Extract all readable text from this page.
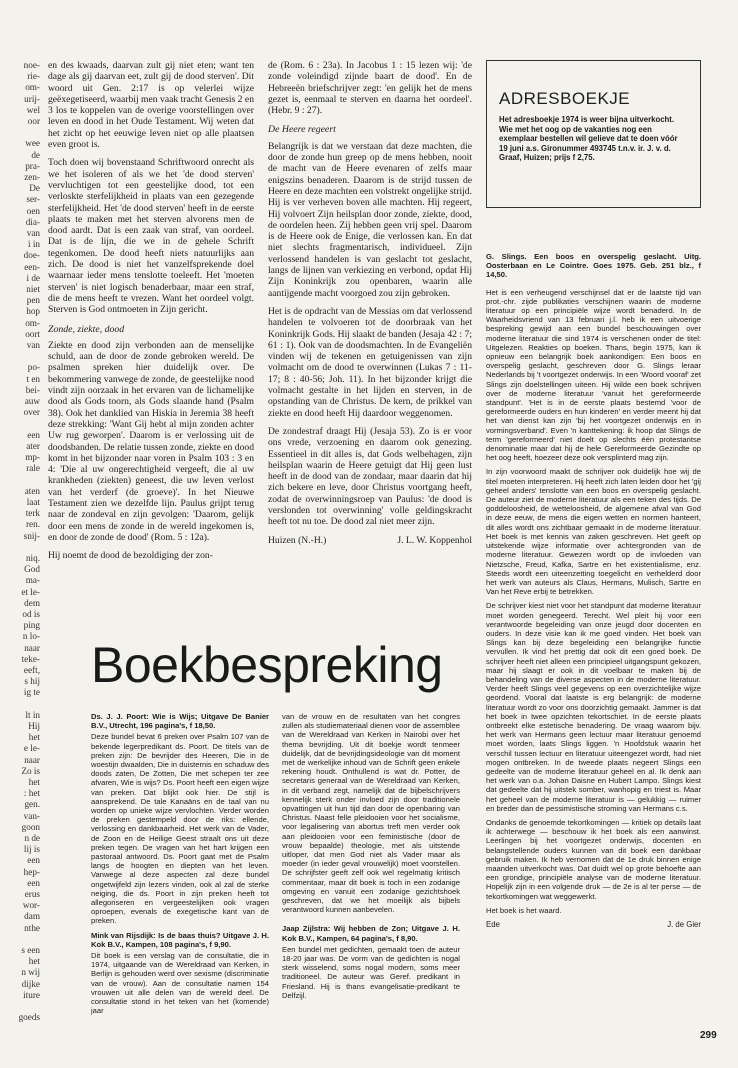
noe-
rie-
om-
urij-
wel
oor

wee
de
pra-
zen-
De
ser-
oen
dia-
van
i in
doe-
een-
i de
niet
pen
hop
om-
oort
van

po-
t en
bei-
auw
over

een
ater
mp-
rale

aten
laat
terk
ren.
snij-

niq.
God
ma-
et le-
dem
od is
ping
n lo-
naar
teke-
eeft,
s hij
ig te

lt in
Hij
het
e le-
naar
Zo is
het
: het
gen.
van-
goon
n de
lij is
een
hep-
een
erus
wor-
dam
nthe

s een
het
n wij
dijke
iture

goeds

en des kwaads, daarvan zult gij niet eten; want ten dage als gij daarvan eet, zult gij de dood sterven'. Dit woord uit Gen. 2:17 is op velerlei wijze geëxegetiseerd, waarbij men vaak tracht Genesis 2 en 3 los te koppelen van de overige voorstellingen over leven en dood in het Oude Testament. Wij weten dat het zicht op het eeuwige leven niet op alle plaatsen even groot is.

Toch doen wij bovenstaand Schriftwoord onrecht als we het isoleren of als we het 'de dood sterven' vervluchtigen tot een geestelijke dood, tot een verloskte sterfelijkheid in plaats van een gezegende sterfelijkheid. Het 'de dood sterven' heeft in de eerste plaats te maken met het sterven alvorens men de dood aardt. Dat is een zaak van straf, van oordeel. Dat is de lijn, die we in de gehele Schrift tegenkomen. De dood heeft niets natuurlijks aan zich. De dood is niet het vanzelfsprekende doel waarnaar ieder mens tenslotte toeleeft. Het 'moeten sterven' is niet logisch benaderbaar, maar een straf, die de mens heeft te vrezen. Want het oordeel volgt. Sterven is God ontmoeten in Zijn gericht.

Zonde, ziekte, dood

Ziekte en dood zijn verbonden aan de menselijke schuld, aan de door de zonde gebroken wereld. De psalmen spreken hier duidelijk over. De bekommering vanwege de zonde, de geestelijke nood vindt zijn oorzaak in het ervaren van de lichamelijke dood als Gods toorn, als Gods slaande hand (Psalm 38). Ook het danklied van Hiskia in Jeremia 38 heeft deze strekking: 'Want Gij hebt al mijn zonden achter Uw rug geworpen'. Daarom is er verlossing uit de doodsbanden. De relatie tussen zonde, ziekte en dood komt in het bijzonder naar voren in Psalm 103 : 3 en 4: 'Die al uw ongerechtigheid vergeeft, die al uw krankheden (ziekten) geneest, die uw leven verlost van het verderf (de groeve)'. In het Nieuwe Testament zien we dezelfde lijn. Paulus grijpt terug naar de zondeval en zijn gevolgen: 'Daarom, gelijk door een mens de zonde in de wereld ingekomen is, en door de zonde de dood' (Rom. 5 : 12a).

Hij noemt de dood de bezoldiging der zon-

de (Rom. 6 : 23a). In Jacobus 1 : 15 lezen wij: 'de zonde voleindigd zijnde baart de dood'. En de Hebreeën briefschrijver zegt: 'en gelijk het de mens gezet is, eenmaal te sterven en daarna het oordeel'. (Hebr. 9 : 27).

De Heere regeert

Belangrijk is dat we verstaan dat deze machten, die door de zonde hun greep op de mens hebben, nooit de macht van de Heere evenaren of zelfs maar enigszins benaderen. Daarom is de strijd tussen de Heere en deze machten een volstrekt ongelijke strijd. Hij is ver verheven boven alle machten. Hij regeert, Hij volvoert Zijn heilsplan door zonde, ziekte, dood, de oordelen heen. Zij hebben geen vrij spel. Daarom is de Heere ook de Enige, die verlossen kan. En dat niet slechts fragmentarisch, individueel. Zijn verlossend handelen is van geslacht tot geslacht, langs de lijnen van verkiezing en verbond, opdat Hij Zijn Koninkrijk zou openbaren, waarin alle aantijgende macht voorgoed zou zijn gebroken.

Het is de opdracht van de Messias om dat verlossend handelen te volvoeren tot de doorbraak van het Koninkrijk Gods. Hij slaakt de banden (Jesaja 42 : 7; 61 : 1). Ook van de doodsmachten. In de Evangeliën vinden wij de tekenen en getuigenissen van zijn volmacht om de dood te overwinnen (Lukas 7 : 11-17; 8 : 40-56; Joh. 11). In het bijzonder krijgt die volmacht gestalte in het lijden en sterven, in de opstanding van de Christus. De kern, de prikkel van ziekte en dood heeft Hij daardoor weggenomen.

De zondestraf draagt Hij (Jesaja 53). Zo is er voor ons vrede, verzoening en daarom ook genezing. Essentieel in dit alles is, dat Gods welbehagen, zijn heilsplan waarin de Heere getuigt dat Hij geen lust heeft in de dood van de zondaar, maar daarin dat hij zich bekere en leve, door Christus voortgang heeft, zodat de overwinningsroep van Paulus: 'de dood is verslonden tot overwinning' volle geldingskracht heeft tot nu toe. De dood zal niet meer zijn.

Huizen (N.-H.)	J. L. W. Koppenhol
ADRESBOEKJE

Het adresboekje 1974 is weer bijna uitverkocht. Wie met het oog op de vakanties nog een exemplaar bestellen wil gelieve dat te doen vóór 19 juni a.s. Gironummer 493745 t.n.v. ir. J. v. d. Graaf, Huizen; prijs f 2,75.

Boekbespreking

Ds. J. J. Poort: Wie is Wijs; Uitgave De Banier B.V., Utrecht, 196 pagina's, f 18,50.

Deze bundel bevat 6 preken over Psalm 107 van de bekende legerpredikant ds. Poort. De titels van de preken zijn: De bevrijder des Heeren, Die in de woestijn dwaalden, Die in duisternis en schaduw des doods zaten, De Zotten, Die met schepen ter zee afvaren, Wie is wijs? Ds. Poort heeft een eigen wijze van preken. Dat blijkt ook hier. De stijl is aansprekend. De tale Kanaäns en de taal van nu worden op unieke wijze vervlochten. Verder worden de preken gestempeld door de riks: ellende, verlossing en dankbaarheid. Het werk van de Vader, de Zoon en de Heilige Geest straalt ons uit deze preken tegen. De vragen van het hart krijgen een pastoraal antwoord. Ds. Poort gaat met de Psalm langs de hoogten en diepten van het leven. Vanwege al deze aspecten zal deze bundel ongetwijfeld zijn lezers vinden, ook al zal de sterke neiging, die ds. Poort in zijn preken heeft tot allegoriseren en vergeestelijken ook vragen oproepen, evenals de exegetische kant van de preken.

Mink van Rijsdijk: Is de baas thuis? Uitgave J. H. Kok B.V., Kampen, 108 pagina's, f 9,90.

Dit boek is een verslag van de consultatie, die in 1974, uitgaande van de Wereldraad van Kerken, in Berlijn is gehouden werd over sexisme (discriminatie van de vrouw). Aan de consultatie namen 154 vrouwen uit alle delen van de wereld deel. De consultatie stond in het teken van het (komende) jaar

van de vrouw en de resultaten van het congres zullen als studiemateriaal dienen voor de assemblee van de Wereldraad van Kerken in Nairobi over het thema bevrijding. Uit dit boekje wordt tenmeer duidelijk, dat de bevrijdingsideologie van dit moment met de werkelijke inhoud van de Schrift geen enkele rekening houdt. Onthullend is wat dr. Potter, de secretaris generaal van de Wereldraad van Kerken, in dit verband zegt, namelijk dat de bijbelschrijvers kennelijk sterk onder invloed zijn door traditionele opvattingen uit hun tijd dan door de openbaring van Christus. Naast felle pleidooien voor het socialisme, voor legalisering van abortus treft men verder ook aan pleidooien voor een feministische (door de vrouw bepaalde) theologie, met als uitstende uitloper, dat men God niet als Vader maar als moeder (in ieder geval vrouwelijk) moet voorstellen. De schrijfster geeft zelf ook wel regelmatig kritisch commentaar, maar dit boek is toch in een zodanige omgeving en vanuit een zodanige gezichtshoek geschreven, dat we het moeilijk als bijbels verantwoord kunnen aanbevelen.

Jaap Zijlstra: Wij hebben de Zon; Uitgave J. H. Kok B.V., Kampen, 64 pagina's, f 8,90.

Een bundel met gedichten, gemaakt toen de auteur 18-20 jaar was. De vorm van de gedichten is nogal sterk wisselend, soms nogal modern, soms meer traditioneel. De auteur was Geref. predikant in Friesland. Hij is thans evangelisatie-predikant te Delfzijl.

G. Slings. Een boos en overspelig geslacht. Uitg. Oosterbaan en Le Cointre. Goes 1975. Geb. 251 blz., f 14,50.

Het is een verheugend verschijnsel dat er de laatste tijd van prot.-chr. zijde publikaties verschijnen waarin de moderne literatuur op een principiële wijze wordt benaderd. In de Waarheidsvriend van 13 februari j.l. heb ik een uitvoerige bespreking gewijd aan een bundel beschouwingen over moderne literatuur die sind 1974 is verschenen onder de titel: Uitgelezen. Reakties op boeken. Thans, begin 1975, kan ik opnieuw een belangrijk boek aankondigen: Een boos en overspelig geslacht, geschreven door G. Slings leraar Nederlands bij 't voortgezet onderwijs. In een 'Woord vooraf' zet Slings zijn doelstellingen uiteen. Hij wilde een boek schrijven over de moderne literatuur 'vanuit het gereformeerde standpunt'. 'Het is in de eerste plaats bestemd 'voor de gereformeerde ouders en hun kinderen' en verder meent hij dat het van dienst kan zijn 'bij het voortgezet onderwijs en in vormingsverband'. Even 'n kanttekening: ik hoop dat Slings de term 'gereformeerd' niet doelt op slechts één protestantse denominatie maar dat hij de hele Gereformeerde Gezindte op het oog heeft, hoezeer deze ook versplinterd mag zijn.

In zijn voorwoord maakt de schrijver ook duidelijk hoe wij de titel moeten interpreteren. Hij heeft zich laten leiden door het 'gij geheel anders' tenslotte van een boos en overspelig geslacht. De auteur ziet de moderne literatuur als een teken des tijds. De goddeloosheid, de wetteloosheid, de algemene afval van God in deze eeuw, de mens die eigen wetten en normen hanteert, dit alles wordt ons zichtbaar gemaakt in de moderne literatuur. Het boek is met kennis van zaken geschreven. Het geeft op uitstekende wijze informatie over achtergronden van de moderne literatuur. Gewezen wordt op de invloeden van Nietzsche, Freud, Kafka, Sartre en het existentialisme, enz. Steeds wordt een uiteenzetting toegelicht en verhelderd door het werk van auteurs als Claus, Hermans, Mulisch, Sartre en Van het Reve erbij te betrekken.

De schrijver kiest niet voor het standpunt dat moderne literatuur moet worden genegeerd. Terecht. Wel pleit hij voor een verantwoorde begeleiding van onze jeugd door docenten en ouders. In deze visie kan ik me goed vinden. Het boek van Slings kan bij deze begeleiding een belangrijke functie vervullen. Ik vind het prettig dat ook dit een goed boek. De schrijver heeft niet alleen een principieel uitgangspunt gekozen, maar hij slaagt er ook in dit voelbaar te maken bij de behandeling van de diverse aspecten in de moderne literatuur. Verder heeft Slings veel gegevens op een overzichtelijke wijze geordend. Vooral dat laatste is erg belangrijk: de moderne literatuur wordt zo voor ons doorzichtig gemaakt. Jammer is dat het boek in twee opzichten tekortschiet. In de eerste plaats ontbreekt elke estetische benadering. De vraag waarom bijv. het werk van Hermans geen lectuur maar literatuur genoemd moet worden, laats Slings liggen. 'n Hoofdstuk waarin het verschil tussen lectuur en literatuur uiteengezet wordt, had niet mogen ontbreken. In de tweede plaats negeert Slings een gedeelte van de moderne literatuur geheel en al. Ik denk aan het werk van o.a. Johan Daisne en Hubert Lampo. Slings kiest dat gedeelte dat hij uitstek somber, wanhopig en triest is. Maar het geheel van de moderne literatuur is — gelukkig — ruimer en breder dan de pessimistische stroming van Hermans c.s.

Ondanks de genoemde tekortkomingen — kritiek op details laat ik achterwege — beschouw ik het boek als een aanwinst. Leerlingen bij het voortgezet onderwijs, docenten en belangstellende ouders kunnen van dit boek een dankbaar gebruik maken. Ik heb vernomen dat de 1e druk binnen enige maanden uitverkocht was. Dat duidt wel op grote behoefte aan een grondige, principiële analyse van de moderne literatuur. Hopelijk zijn in een volgende druk — de 2e is al ter perse — de tekortkomingen wat weggewerkt.

Het boek is het waard.

Ede	J. de Gier
299
